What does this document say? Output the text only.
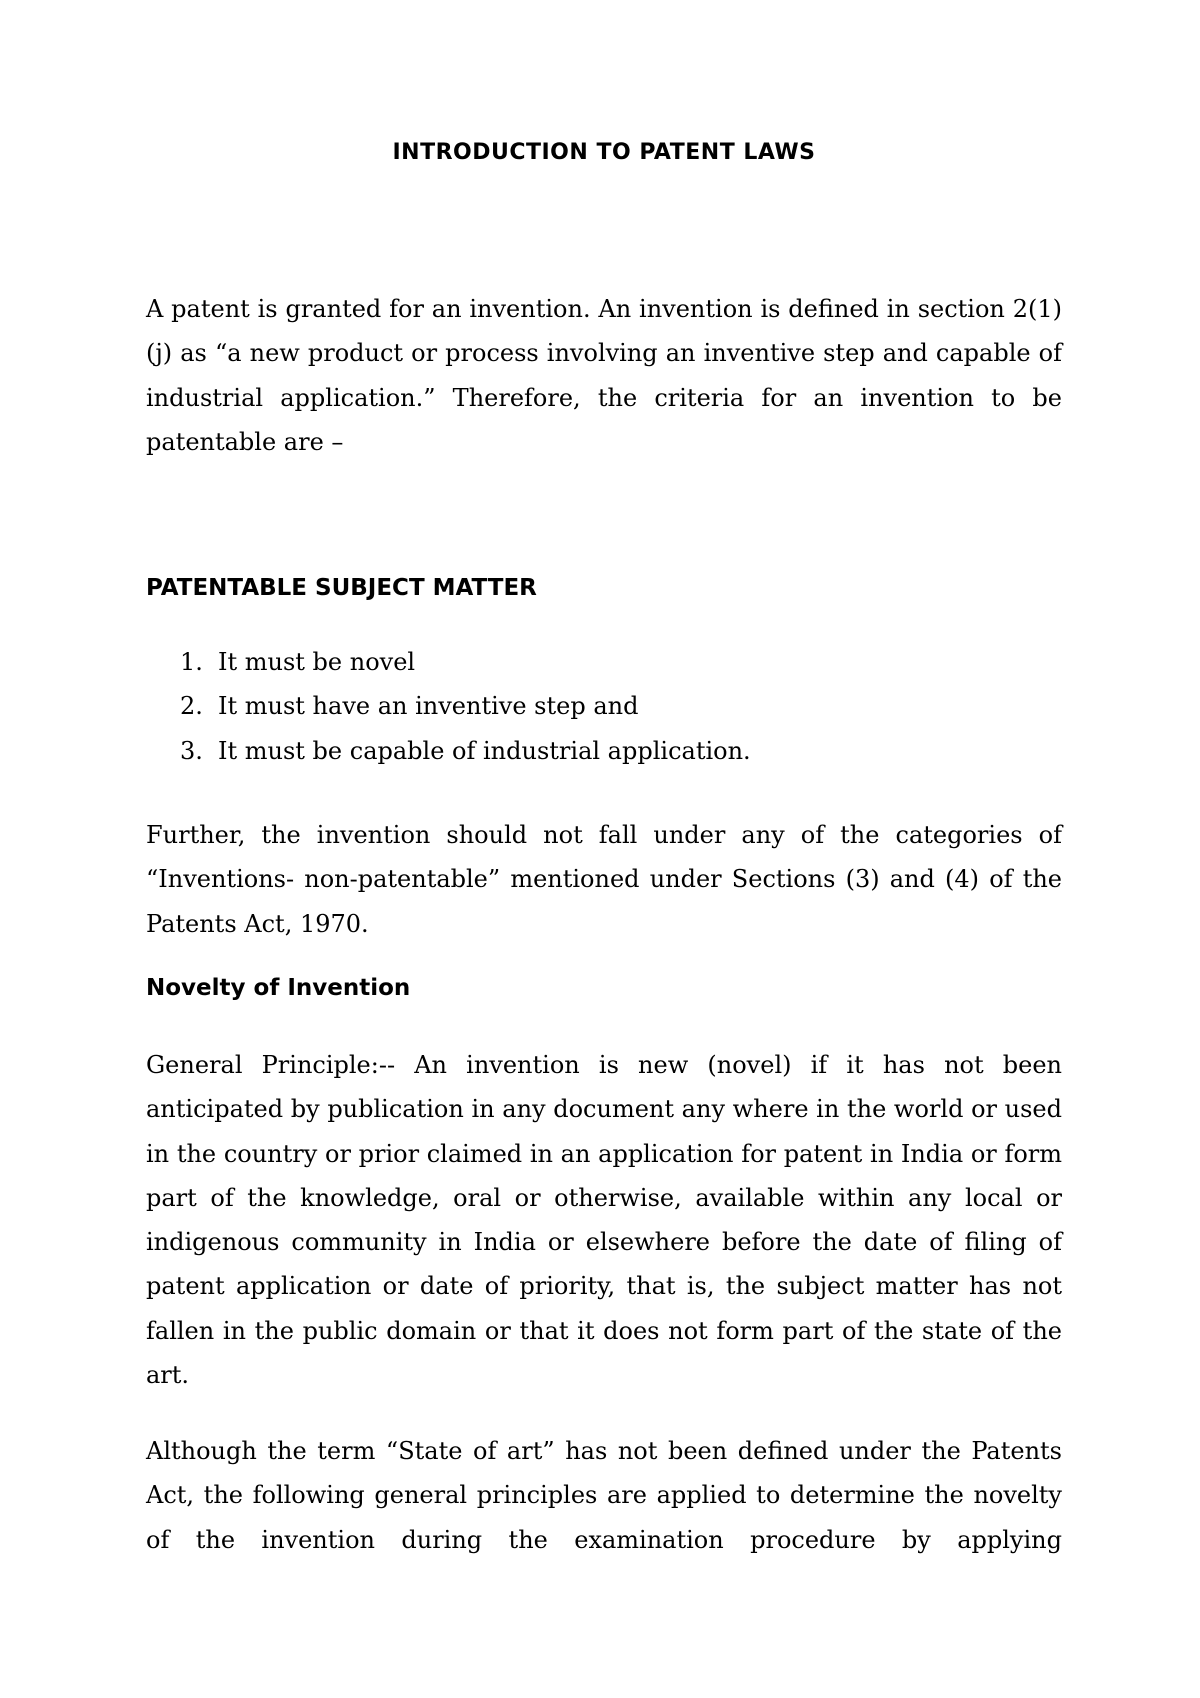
INTRODUCTION TO PATENT LAWS

A patent is granted for an invention. An invention is defined in section 2(1)(j) as “a new product or process involving an inventive step and capable of industrial application.” Therefore, the criteria for an invention to be patentable are –

PATENTABLE SUBJECT MATTER
1. It must be novel
2. It must have an inventive step and
3. It must be capable of industrial application.

Further, the invention should not fall under any of the categories of “Inventions- non-patentable” mentioned under Sections (3) and (4) of the Patents Act, 1970.

Novelty of Invention

General Principle:-- An invention is new (novel) if it has not been anticipated by publication in any document any where in the world or used in the country or prior claimed in an application for patent in India or form part of the knowledge, oral or otherwise, available within any local or indigenous community in India or elsewhere before the date of filing of patent application or date of priority, that is, the subject matter has not fallen in the public domain or that it does not form part of the state of the art.

Although the term “State of art” has not been defined under the Patents Act, the following general principles are applied to determine the novelty of the invention during the examination procedure by applying
